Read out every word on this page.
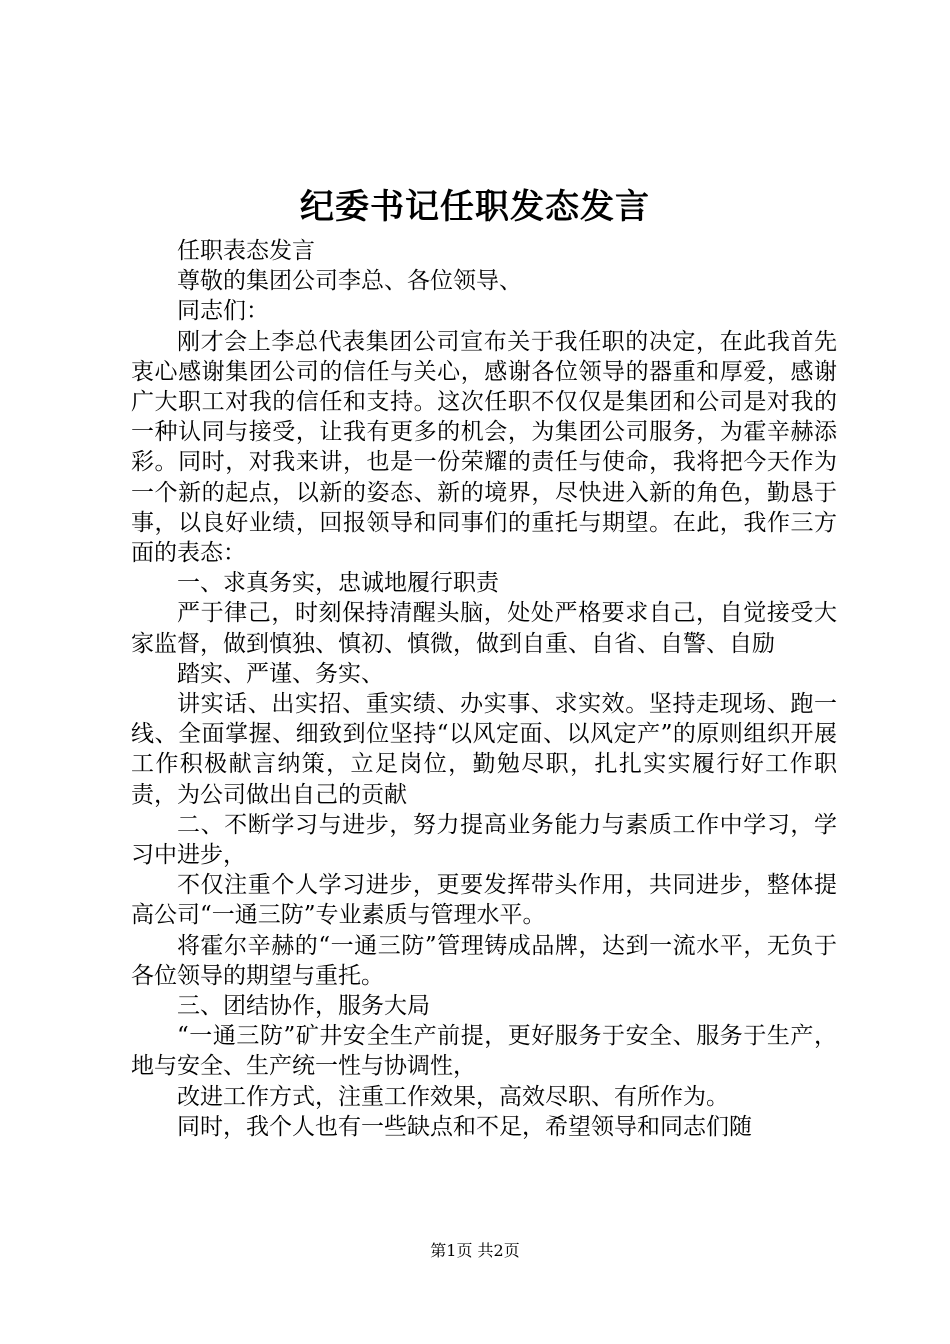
纪委书记任职发态发言

任职表态发言

尊敬的集团公司李总、各位领导、

同志们：

刚才会上李总代表集团公司宣布关于我任职的决定，在此我首先衷心感谢集团公司的信任与关心，感谢各位领导的器重和厚爱，感谢广大职工对我的信任和支持。这次任职不仅仅是集团和公司是对我的一种认同与接受，让我有更多的机会，为集团公司服务，为霍辛赫添彩。同时，对我来讲，也是一份荣耀的责任与使命，我将把今天作为一个新的起点，以新的姿态、新的境界，尽快进入新的角色，勤恳于事，以良好业绩，回报领导和同事们的重托与期望。在此，我作三方面的表态：

一、求真务实，忠诚地履行职责

严于律己，时刻保持清醒头脑，处处严格要求自己，自觉接受大家监督，做到慎独、慎初、慎微，做到自重、自省、自警、自励

踏实、严谨、务实、

讲实话、出实招、重实绩、办实事、求实效。坚持走现场、跑一线、全面掌握、细致到位坚持“以风定面、以风定产”的原则组织开展工作积极献言纳策，立足岗位，勤勉尽职，扎扎实实履行好工作职责，为公司做出自己的贡献

二、不断学习与进步，努力提高业务能力与素质工作中学习，学习中进步，

不仅注重个人学习进步，更要发挥带头作用，共同进步，整体提高公司“一通三防”专业素质与管理水平。

将霍尔辛赫的“一通三防”管理铸成品牌，达到一流水平，无负于各位领导的期望与重托。

三、团结协作，服务大局

“一通三防”矿井安全生产前提，更好服务于安全、服务于生产，地与安全、生产统一性与协调性，

改进工作方式，注重工作效果，高效尽职、有所作为。

同时，我个人也有一些缺点和不足，希望领导和同志们随

第1页 共2页
